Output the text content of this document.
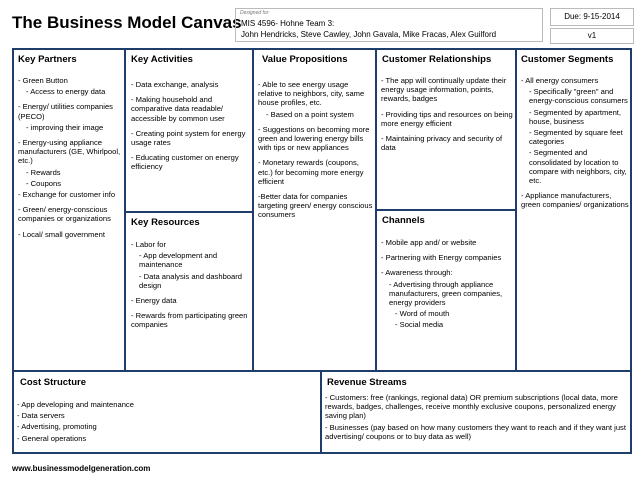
The Business Model Canvas
Designed for:
MIS 4596- Hohne Team 3:
John Hendricks, Steve Cawley, John Gavala, Mike Fracas, Alex Guilford
Due: 9-15-2014
v1
Key Partners

- Green Button

- Access to energy data

- Energy/ utilities companies (PECO)

- improving their image

- Energy-using appliance manufacturers (GE, Whirlpool, etc.)

- Rewards

- Coupons

- Exchange for customer info

- Green/ energy-conscious companies or organizations

- Local/ small government

Key Activities

- Data exchange, analysis

- Making household and comparative data readable/ accessible by common user

- Creating point system for energy usage rates

- Educating customer on energy efficiency

Key Resources

- Labor for

- App development and maintenance

- Data analysis and dashboard design

- Energy data

- Rewards from participating green companies

Value Propositions

- Able to see energy usage relative to neighbors, city, same house profiles, etc.

- Based on a point system

- Suggestions on becoming more green and lowering energy bills with tips or new appliances

- Monetary rewards (coupons, etc.) for becoming more energy efficient

-Better data for companies targeting green/ energy conscious consumers

Customer Relationships

- The app will continually update their energy usage information, points, rewards, badges

- Providing tips and resources on being more energy efficient

- Maintaining privacy and security of data

Channels

- Mobile app and/ or website

- Partnering with Energy companies

- Awareness through:

- Advertising through appliance manufacturers, green companies, energy providers

- Word of mouth

- Social media

Customer Segments

- All energy consumers

- Specifically "green" and energy-conscious consumers

- Segmented by apartment, house, business

- Segmented by square feet categories

- Segmented and consolidated by location to compare with neighbors, city, etc.

- Appliance manufacturers, green companies/ organizations

Cost Structure

- App developing and maintenance

- Data servers

- Advertising, promoting

- General operations

Revenue Streams

- Customers: free (rankings, regional data) OR premium subscriptions (local data, more rewards, badges, challenges, receive monthly exclusive coupons, personalized energy saving plan)

- Businesses (pay based on how many customers they want to reach and if they want just advertising/ coupons or to buy data as well)

www.businessmodelgeneration.com
